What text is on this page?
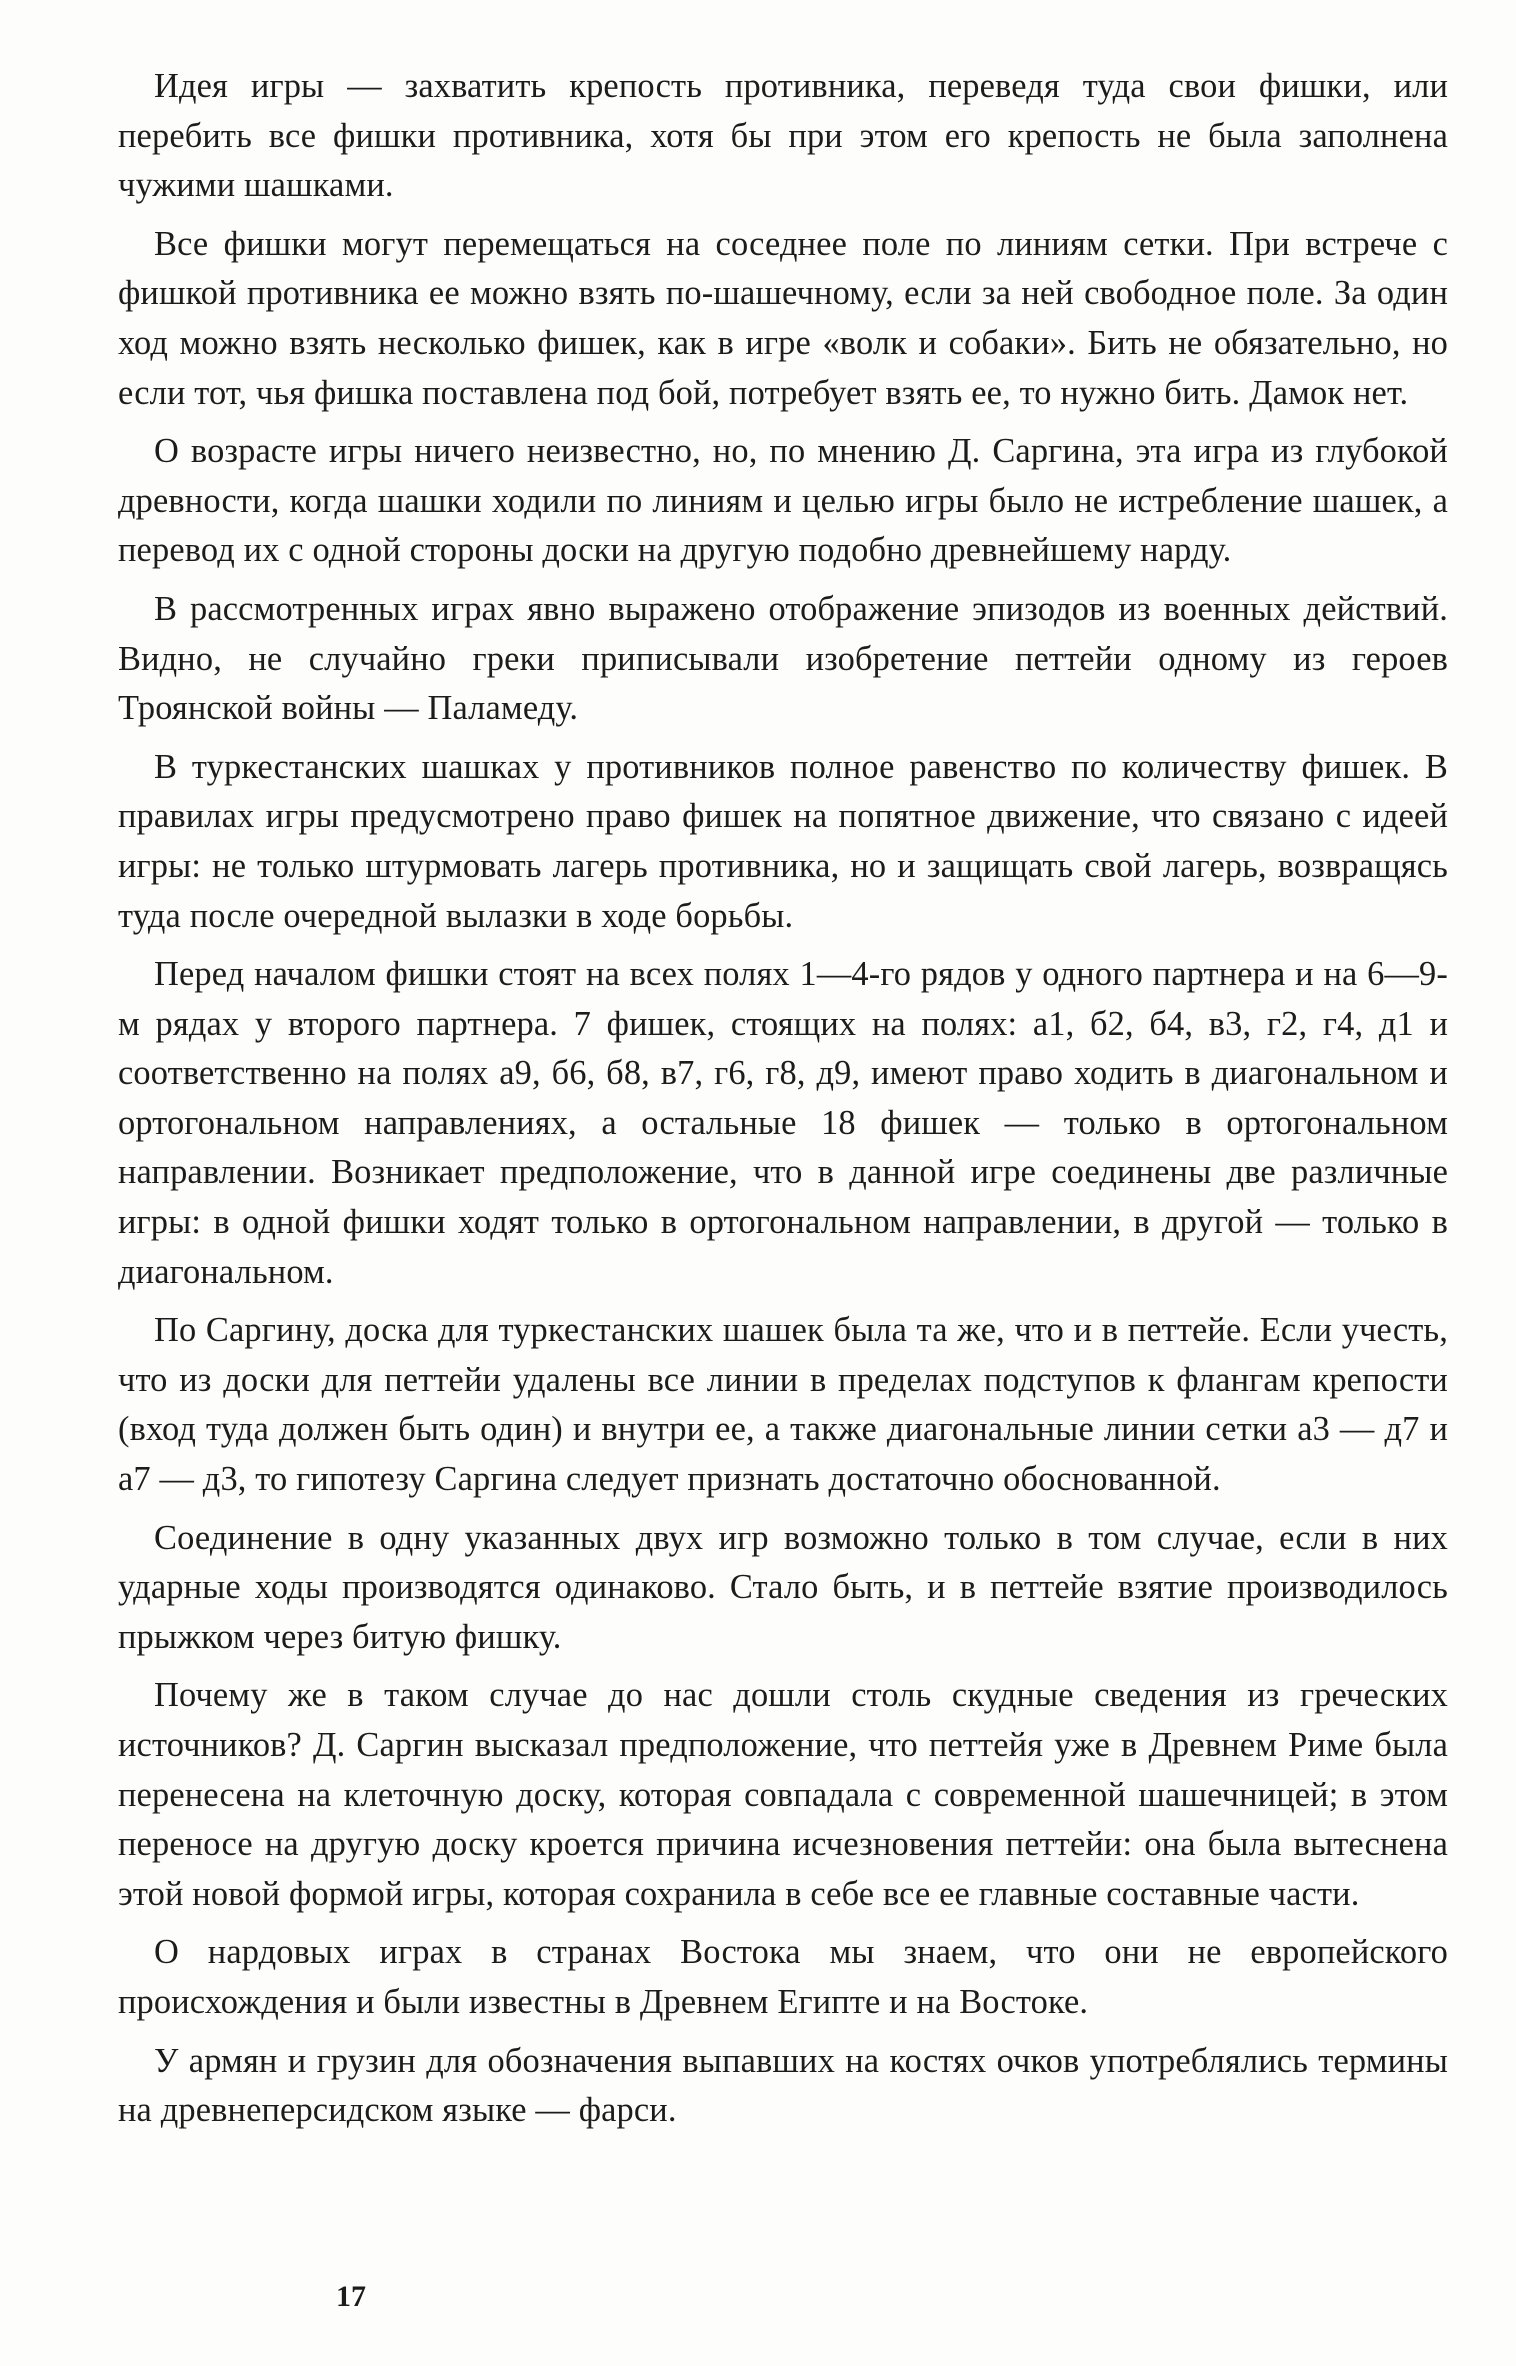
Идея игры — захватить крепость противника, переведя туда свои фишки, или перебить все фишки противника, хотя бы при этом его крепость не была заполнена чужими шашками.

Все фишки могут перемещаться на соседнее поле по линиям сетки. При встрече с фишкой противника ее можно взять по-шашечному, если за ней свободное поле. За один ход можно взять несколько фишек, как в игре «волк и собаки». Бить не обязательно, но если тот, чья фишка поставлена под бой, потребует взять ее, то нужно бить. Дамок нет.

О возрасте игры ничего неизвестно, но, по мнению Д. Саргина, эта игра из глубокой древности, когда шашки ходили по линиям и целью игры было не истребление шашек, а перевод их с одной стороны доски на другую подобно древнейшему нарду.

В рассмотренных играх явно выражено отображение эпизодов из военных действий. Видно, не случайно греки приписывали изобретение петтейи одному из героев Троянской войны — Паламеду.

В туркестанских шашках у противников полное равенство по количеству фишек. В правилах игры предусмотрено право фишек на попятное движение, что связано с идеей игры: не только штурмовать лагерь противника, но и защищать свой лагерь, возвращясь туда после очередной вылазки в ходе борьбы.

Перед началом фишки стоят на всех полях 1—4-го рядов у одного партнера и на 6—9-м рядах у второго партнера. 7 фишек, стоящих на полях: а1, б2, б4, в3, г2, г4, д1 и соответственно на полях а9, б6, б8, в7, г6, г8, д9, имеют право ходить в диагональном и ортогональном направлениях, а остальные 18 фишек — только в ортогональном направлении. Возникает предположение, что в данной игре соединены две различные игры: в одной фишки ходят только в ортогональном направлении, в другой — только в диагональном.

По Саргину, доска для туркестанских шашек была та же, что и в петтейе. Если учесть, что из доски для петтейи удалены все линии в пределах подступов к флангам крепости (вход туда должен быть один) и внутри ее, а также диагональные линии сетки а3 — д7 и а7 — д3, то гипотезу Саргина следует признать достаточно обоснованной.

Соединение в одну указанных двух игр возможно только в том случае, если в них ударные ходы производятся одинаково. Стало быть, и в петтейе взятие производилось прыжком через битую фишку.

Почему же в таком случае до нас дошли столь скудные сведения из греческих источников? Д. Саргин высказал предположение, что петтейя уже в Древнем Риме была перенесена на клеточную доску, которая совпадала с современной шашечницей; в этом переносе на другую доску кроется причина исчезновения петтейи: она была вытеснена этой новой формой игры, которая сохранила в себе все ее главные составные части.

О нардовых играх в странах Востока мы знаем, что они не европейского происхождения и были известны в Древнем Египте и на Востоке.

У армян и грузин для обозначения выпавших на костях очков употреблялись термины на древнеперсидском языке — фарси.

17
